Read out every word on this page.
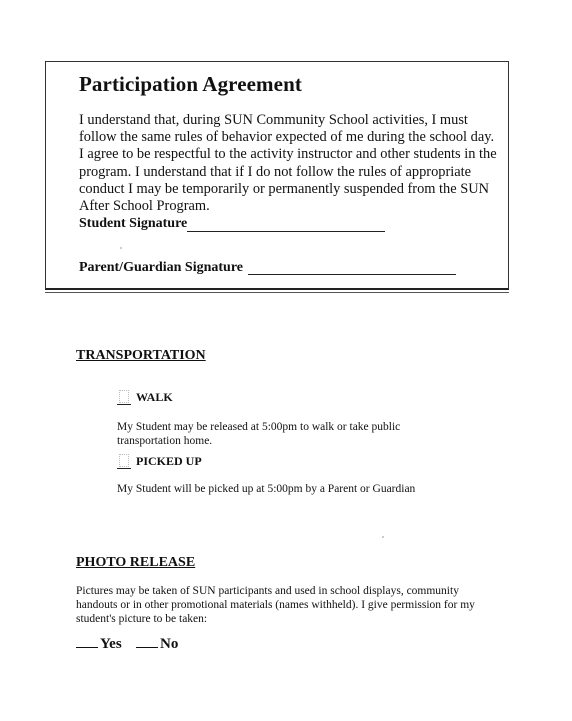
Participation Agreement

I understand that, during SUN Community School activities, I must follow the same rules of behavior expected of me during the school day. I agree to be respectful to the activity instructor and other students in the program. I understand that if I do not follow the rules of appropriate conduct I may be temporarily or permanently suspended from the SUN After School Program.

Student Signature
Parent/Guardian Signature
TRANSPORTATION
WALK

My Student may be released at 5:00pm to walk or take public transportation home.

PICKED UP

My Student will be picked up at 5:00pm by a Parent or Guardian

PHOTO RELEASE

Pictures may be taken of SUN participants and used in school displays, community handouts or in other promotional materials (names withheld). I give permission for my student's picture to be taken:

Yes	No
